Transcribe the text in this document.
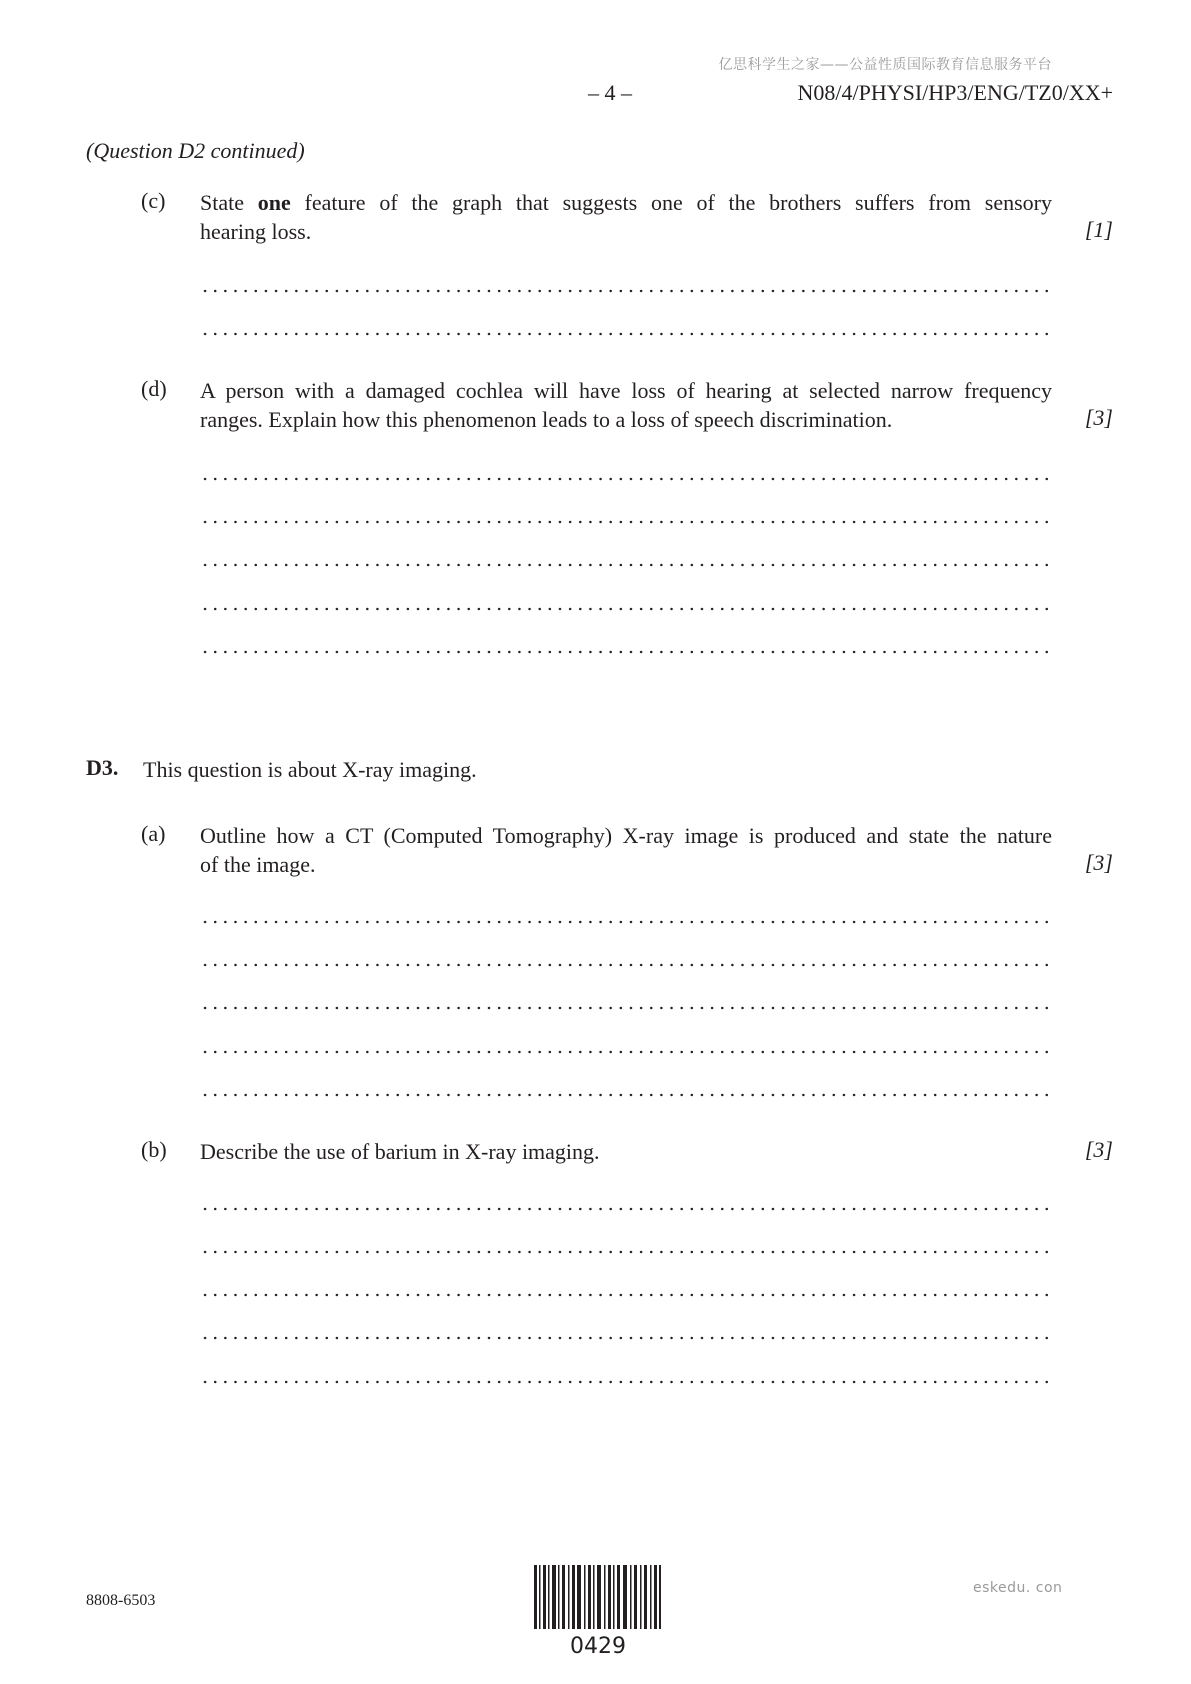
亿思科学生之家——公益性质国际教育信息服务平台
– 4 –	N08/4/PHYSI/HP3/ENG/TZ0/XX+
(Question D2 continued)
(c) State one feature of the graph that suggests one of the brothers suffers from sensory
hearing loss.	[1]
(d) A person with a damaged cochlea will have loss of hearing at selected narrow frequency
ranges. Explain how this phenomenon leads to a loss of speech discrimination.	[3]
D3. This question is about X-ray imaging.
(a) Outline how a CT (Computed Tomography) X-ray image is produced and state the nature
of the image.	[3]
(b) Describe the use of barium in X-ray imaging.	[3]
8808-6503
eskedu. con
0429
